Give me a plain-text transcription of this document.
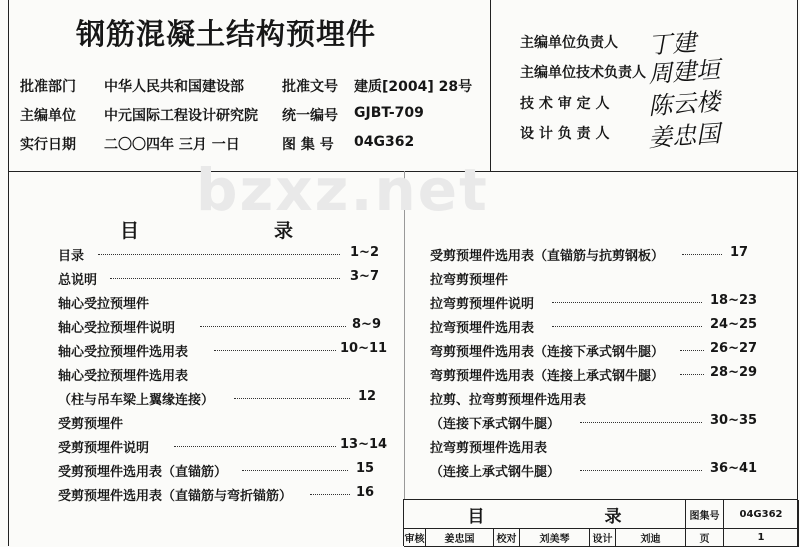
钢筋混凝土结构预埋件
批准部门 中华人民共和国建设部	批准文号 建质[2004] 28号
主编单位 中元国际工程设计研究院 统一编号 GJBT-709
实行日期 二〇〇四年 三月 一日	图 集 号 04G362
主编单位负责人 丁建
主编单位技术负责人 周建垣
技 术 审 定 人 陈云楼
设 计 负 责 人 姜忠国
bzxz.net
目	录
目录	1~2
总说明	3~7
轴心受拉预埋件
轴心受拉预埋件说明	8~9
轴心受拉预埋件选用表	10~11
轴心受拉预埋件选用表
（柱与吊车梁上翼缘连接）	12
受剪预埋件
受剪预埋件说明	13~14
受剪预埋件选用表（直锚筋）	15
受剪预埋件选用表（直锚筋与弯折锚筋）	16
受剪预埋件选用表（直锚筋与抗剪钢板）	17
拉弯剪预埋件
拉弯剪预埋件说明	18~23
拉弯预埋件选用表	24~25
弯剪预埋件选用表（连接下承式钢牛腿）	26~27
弯剪预埋件选用表（连接上承式钢牛腿）	28~29
拉剪、拉弯剪预埋件选用表
（连接下承式钢牛腿）	30~35
拉弯剪预埋件选用表
（连接上承式钢牛腿）	36~41
目	录	图集号	04G362
审核	姜忠国	校对	刘美琴	设计	刘迪	页	1
